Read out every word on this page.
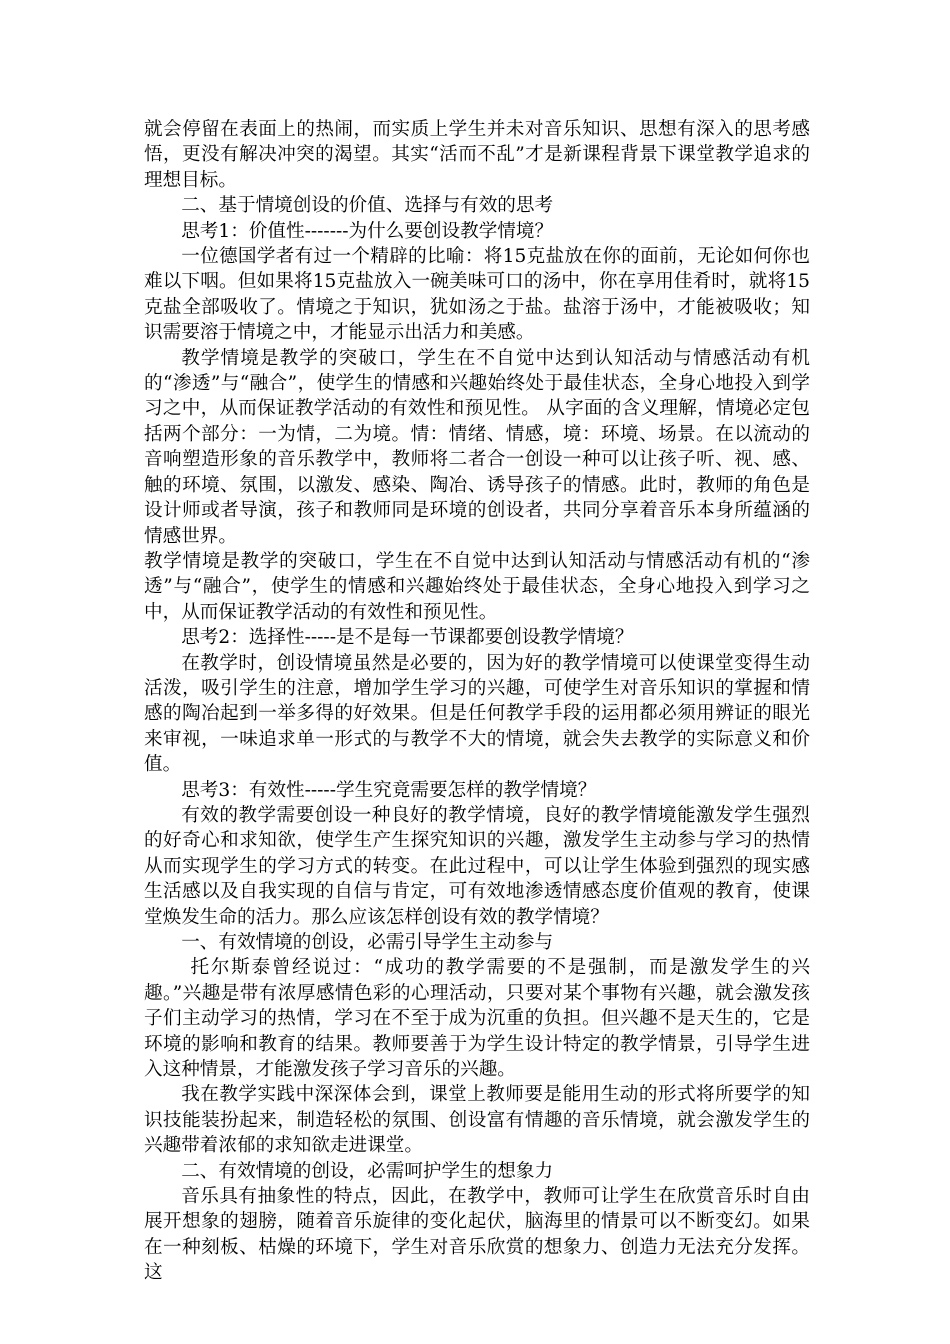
就会停留在表面上的热闹，而实质上学生并未对音乐知识、思想有深入的思考感悟，更没有解决冲突的渴望。其实“活而不乱”才是新课程背景下课堂教学追求的理想目标。

二、基于情境创设的价值、选择与有效的思考

思考1：价值性-------为什么要创设教学情境？

一位德国学者有过一个精辟的比喻：将15克盐放在你的面前，无论如何你也难以下咽。但如果将15克盐放入一碗美味可口的汤中，你在享用佳肴时，就将15克盐全部吸收了。情境之于知识，犹如汤之于盐。盐溶于汤中，才能被吸收；知识需要溶于情境之中，才能显示出活力和美感。

教学情境是教学的突破口，学生在不自觉中达到认知活动与情感活动有机的“渗透”与“融合”，使学生的情感和兴趣始终处于最佳状态，全身心地投入到学习之中，从而保证教学活动的有效性和预见性。 从字面的含义理解，情境必定包括两个部分：一为情，二为境。情：情绪、情感，境：环境、场景。在以流动的音响塑造形象的音乐教学中，教师将二者合一创设一种可以让孩子听、视、感、触的环境、氛围，以激发、感染、陶冶、诱导孩子的情感。此时，教师的角色是设计师或者导演，孩子和教师同是环境的创设者，共同分享着音乐本身所蕴涵的情感世界。

教学情境是教学的突破口，学生在不自觉中达到认知活动与情感活动有机的“渗透”与“融合”，使学生的情感和兴趣始终处于最佳状态，全身心地投入到学习之中，从而保证教学活动的有效性和预见性。

思考2：选择性-----是不是每一节课都要创设教学情境？

在教学时，创设情境虽然是必要的，因为好的教学情境可以使课堂变得生动活泼，吸引学生的注意，增加学生学习的兴趣，可使学生对音乐知识的掌握和情感的陶冶起到一举多得的好效果。但是任何教学手段的运用都必须用辨证的眼光来审视，一味追求单一形式的与教学不大的情境，就会失去教学的实际意义和价值。

思考3：有效性-----学生究竟需要怎样的教学情境？

有效的教学需要创设一种良好的教学情境，良好的教学情境能激发学生强烈的好奇心和求知欲，使学生产生探究知识的兴趣，激发学生主动参与学习的热情从而实现学生的学习方式的转变。在此过程中，可以让学生体验到强烈的现实感生活感以及自我实现的自信与肯定，可有效地渗透情感态度价值观的教育，使课堂焕发生命的活力。那么应该怎样创设有效的教学情境？

一、有效情境的创设，必需引导学生主动参与

托尔斯泰曾经说过：“成功的教学需要的不是强制，而是激发学生的兴趣。”兴趣是带有浓厚感情色彩的心理活动，只要对某个事物有兴趣，就会激发孩子们主动学习的热情，学习在不至于成为沉重的负担。但兴趣不是天生的，它是环境的影响和教育的结果。教师要善于为学生设计特定的教学情景，引导学生进入这种情景，才能激发孩子学习音乐的兴趣。

我在教学实践中深深体会到，课堂上教师要是能用生动的形式将所要学的知识技能装扮起来，制造轻松的氛围、创设富有情趣的音乐情境，就会激发学生的兴趣带着浓郁的求知欲走进课堂。

二、有效情境的创设，必需呵护学生的想象力

音乐具有抽象性的特点，因此，在教学中，教师可让学生在欣赏音乐时自由展开想象的翅膀，随着音乐旋律的变化起伏，脑海里的情景可以不断变幻。如果在一种刻板、枯燥的环境下，学生对音乐欣赏的想象力、创造力无法充分发挥。这
